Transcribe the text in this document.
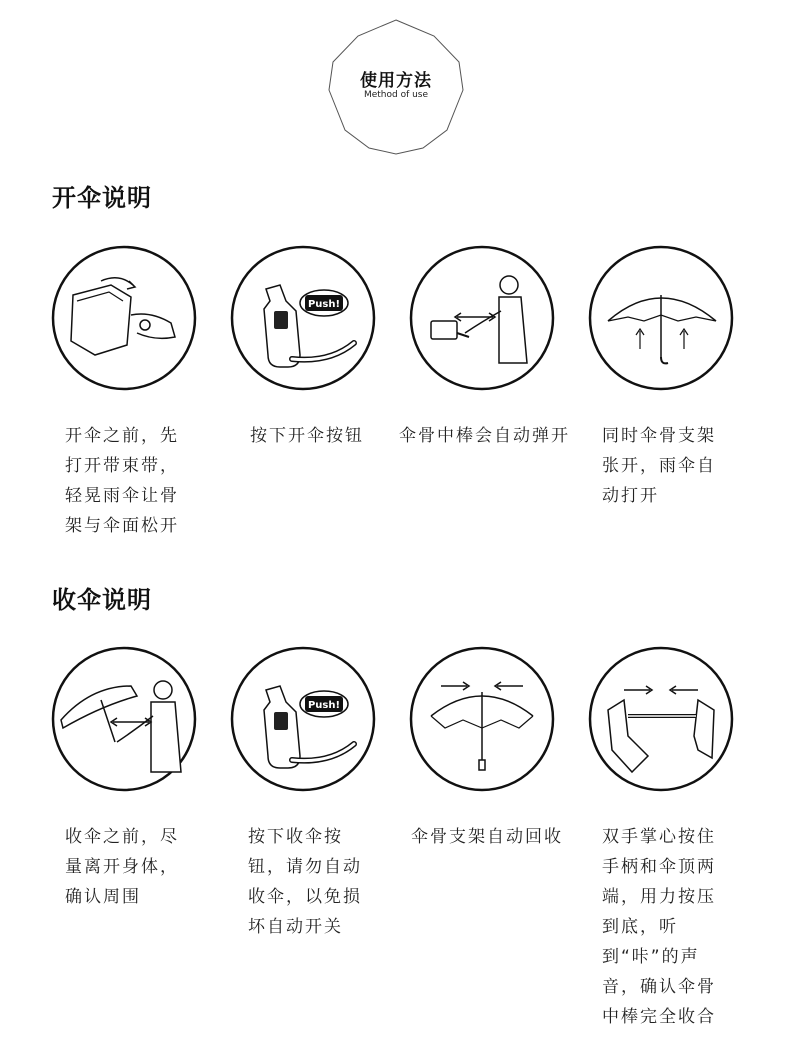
使用方法
Method of use
开伞说明
开伞之前，先打开带束带，轻晃雨伞让骨架与伞面松开
Push!
按下开伞按钮	伞骨中棒会自动弹开 同时伞骨支架张开，雨伞自动打开
收伞说明
收伞之前，尽量离开身体，确认周围
Push!
按下收伞按钮，请勿自动收伞，以免损坏自动开关
伞骨支架自动回收	双手掌心按住手柄和伞顶两端，用力按压到底，听到“咔”的声音，确认伞骨中棒完全收合
